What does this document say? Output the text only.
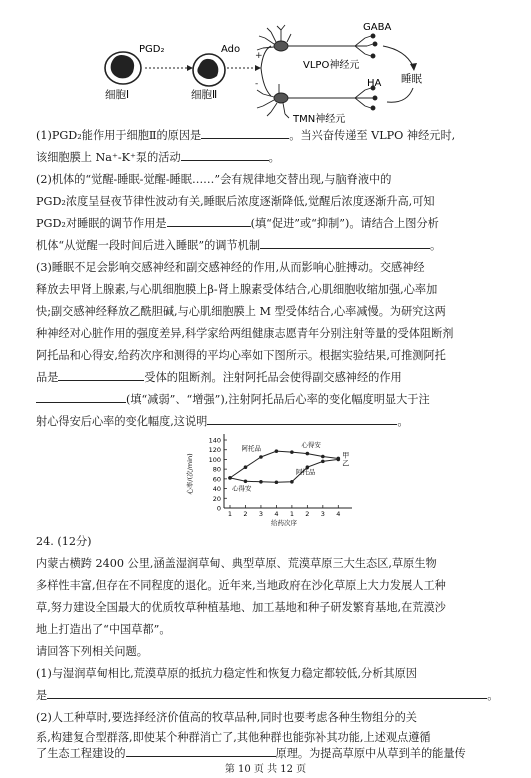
PGD₂
细胞Ⅰ
Ado
细胞Ⅱ
GABA
VLPO神经元
睡眠
HA
TMN神经元
+
-

(1)PGD₂能作用于细胞Ⅱ的原因是	。当兴奋传递至 VLPO 神经元时,

该细胞膜上 Na⁺-K⁺泵的活动	。

(2)机体的“觉醒-睡眠-觉醒-睡眠……”会有规律地交替出现,与脑脊液中的

PGD₂浓度呈昼夜节律性波动有关,睡眠后浓度逐渐降低,觉醒后浓度逐渐升高,可知

PGD₂对睡眠的调节作用是	(填“促进”或“抑制”)。请结合上图分析

机体“从觉醒一段时间后进入睡眠”的调节机制	。

(3)睡眠不足会影响交感神经和副交感神经的作用,从而影响心脏搏动。交感神经

释放去甲肾上腺素,与心肌细胞膜上β-肾上腺素受体结合,心肌细胞收缩加强,心率加

快;副交感神经释放乙酰胆碱,与心肌细胞膜上 M 型受体结合,心率减慢。为研究这两

种神经对心脏作用的强度差异,科学家给两组健康志愿青年分别注射等量的受体阻断剂

阿托品和心得安,给药次序和测得的平均心率如下图所示。根据实验结果,可推测阿托

品是	受体的阻断剂。注射阿托品会使得副交感神经的作用

(填“减弱”、“增强”),注射阿托品后心率的变化幅度明显大于注

射心得安后心率的变化幅度,这说明	。

0
20
40
60
80
100
120
140
1 2 3 4 1 2 3 4
给药次序
心率/(次/min)	甲
乙
阿托品	心得安
心得安
阿托品

24. (12分)

内蒙古横跨 2400 公里,涵盖湿润草甸、典型草原、荒漠草原三大生态区,草原生物

多样性丰富,但存在不同程度的退化。近年来,当地政府在沙化草原上大力发展人工种

草,努力建设全国最大的优质牧草种植基地、加工基地和种子研发繁育基地,在荒漠沙

地上打造出了“中国草都”。

请回答下列相关问题。

(1)与湿润草甸相比,荒漠草原的抵抗力稳定性和恢复力稳定都较低,分析其原因

是	。

(2)人工种草时,要选择经济价值高的牧草品种,同时也要考虑各种生物组分的关

系,构建复合型群落,即使某个种群消亡了,其他种群也能弥补其功能,上述观点遵循

了生态工程建设的	原理。为提高草原中从草到羊的能量传

第 10 页 共 12 页
